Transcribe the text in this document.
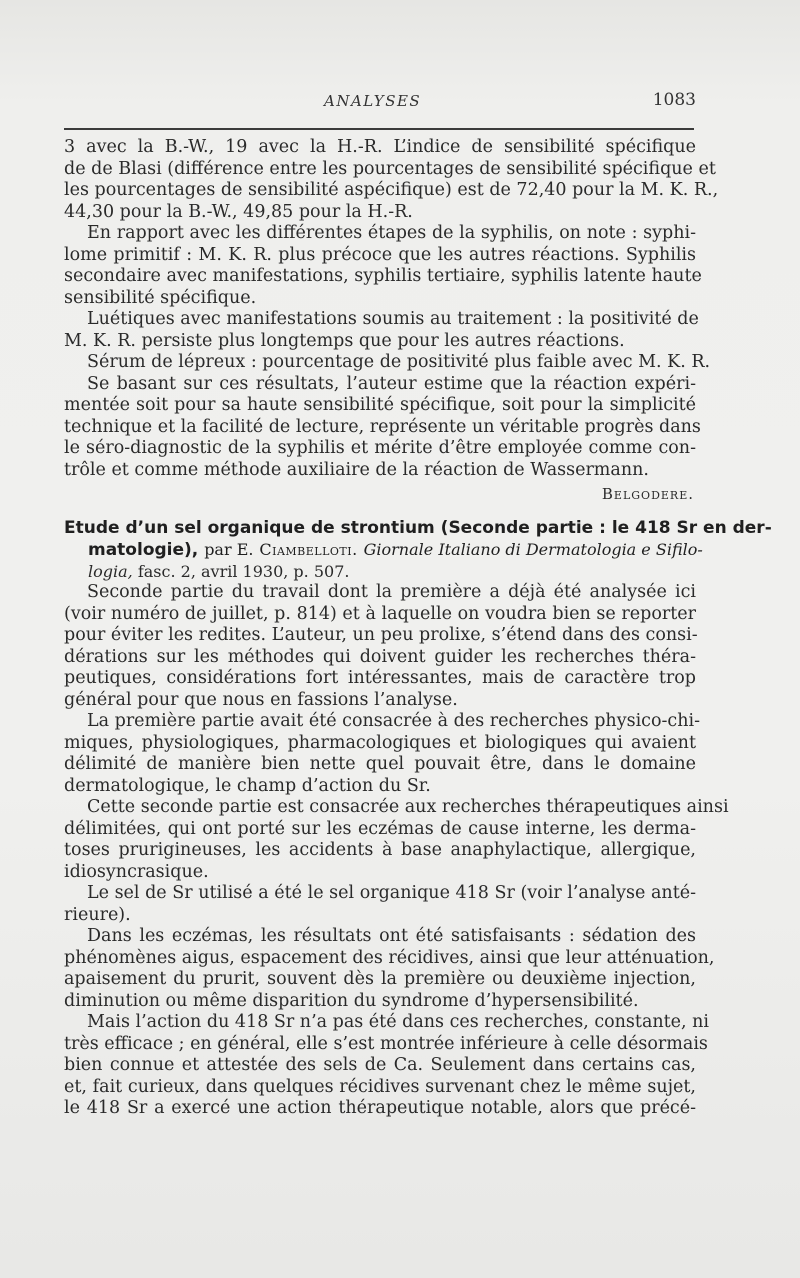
ANALYSES	1083
3 avec la B.-W., 19 avec la H.-R. L’indice de sensibilité spécifique
de de Blasi (différence entre les pourcentages de sensibilité spécifique et
les pourcentages de sensibilité aspécifique) est de 72,40 pour la M. K. R.,
44,30 pour la B.-W., 49,85 pour la H.-R.
En rapport avec les différentes étapes de la syphilis, on note : syphi-
lome primitif : M. K. R. plus précoce que les autres réactions. Syphilis
secondaire avec manifestations, syphilis tertiaire, syphilis latente haute
sensibilité spécifique.
Luétiques avec manifestations soumis au traitement : la positivité de
M. K. R. persiste plus longtemps que pour les autres réactions.
Sérum de lépreux : pourcentage de positivité plus faible avec M. K. R.
Se basant sur ces résultats, l’auteur estime que la réaction expéri-
mentée soit pour sa haute sensibilité spécifique, soit pour la simplicité
technique et la facilité de lecture, représente un véritable progrès dans
le séro-diagnostic de la syphilis et mérite d’être employée comme con-
trôle et comme méthode auxiliaire de la réaction de Wassermann.
Belgodere.
Etude d’un sel organique de strontium (Seconde partie : le 418 Sr en der-
matologie), par E. Ciambelloti. Giornale Italiano di Dermatologia e Sifilo-
logia, fasc. 2, avril 1930, p. 507.
Seconde partie du travail dont la première a déjà été analysée ici
(voir numéro de juillet, p. 814) et à laquelle on voudra bien se reporter
pour éviter les redites. L’auteur, un peu prolixe, s’étend dans des consi-
dérations sur les méthodes qui doivent guider les recherches théra-
peutiques, considérations fort intéressantes, mais de caractère trop
général pour que nous en fassions l’analyse.
La première partie avait été consacrée à des recherches physico-chi-
miques, physiologiques, pharmacologiques et biologiques qui avaient
délimité de manière bien nette quel pouvait être, dans le domaine
dermatologique, le champ d’action du Sr.
Cette seconde partie est consacrée aux recherches thérapeutiques ainsi
délimitées, qui ont porté sur les eczémas de cause interne, les derma-
toses prurigineuses, les accidents à base anaphylactique, allergique,
idiosyncrasique.
Le sel de Sr utilisé a été le sel organique 418 Sr (voir l’analyse anté-
rieure).
Dans les eczémas, les résultats ont été satisfaisants : sédation des
phénomènes aigus, espacement des récidives, ainsi que leur atténuation,
apaisement du prurit, souvent dès la première ou deuxième injection,
diminution ou même disparition du syndrome d’hypersensibilité.
Mais l’action du 418 Sr n’a pas été dans ces recherches, constante, ni
très efficace ; en général, elle s’est montrée inférieure à celle désormais
bien connue et attestée des sels de Ca. Seulement dans certains cas,
et, fait curieux, dans quelques récidives survenant chez le même sujet,
le 418 Sr a exercé une action thérapeutique notable, alors que précé-
